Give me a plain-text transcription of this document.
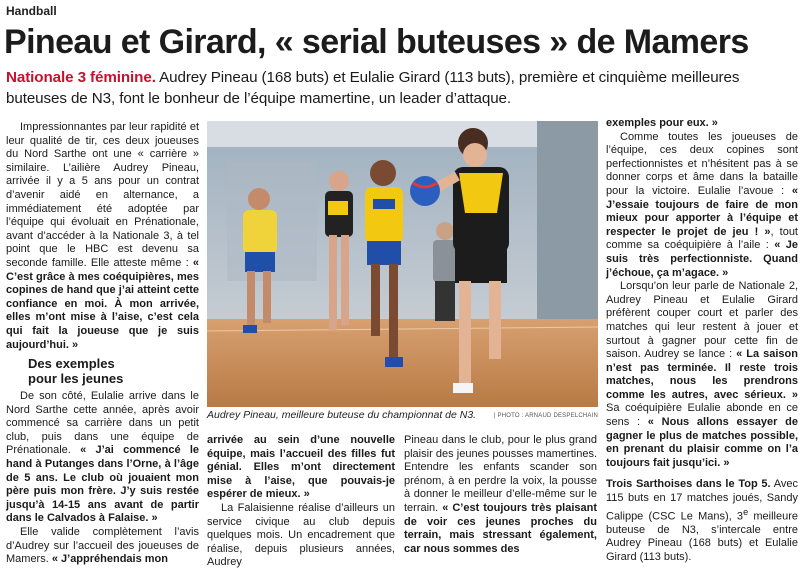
Handball
Pineau et Girard, « serial buteuses » de Mamers
Nationale 3 féminine. Audrey Pineau (168 buts) et Eulalie Girard (113 buts), première et cinquième meilleures buteuses de N3, font le bonheur de l’équipe mamertine, un leader d’attaque.

Impressionnantes par leur rapidité et leur qualité de tir, ces deux joueuses du Nord Sarthe ont une « carrière » similaire. L’ailière Audrey Pineau, arrivée il y a 5 ans pour un contrat d’avenir aidé en alternance, a immédiatement été adoptée par l’équipe qui évoluait en Prénationale, avant d’accéder à la Nationale 3, à tel point que le HBC est devenu sa seconde famille. Elle atteste même : « C’est grâce à mes coéquipières, mes copines de hand que j’ai atteint cette confiance en moi. À mon arrivée, elles m’ont mise à l’aise, c’est cela qui fait la joueuse que je suis aujourd’hui. »

Des exemples
pour les jeunes

De son côté, Eulalie arrive dans le Nord Sarthe cette année, après avoir commencé sa carrière dans un petit club, puis dans une équipe de Prénationale. « J’ai commencé le hand à Putanges dans l’Orne, à l’âge de 5 ans. Le club où jouaient mon père puis mon frère. J’y suis restée jusqu’à 14-15 ans avant de partir dans le Calvados à Falaise. »

Elle valide complètement l’avis d’Audrey sur l’accueil des joueuses de Mamers. « J’appréhendais mon

Audrey Pineau, meilleure buteuse du championnat de N3.	| PHOTO : ARNAUD DESPELCHAIN

arrivée au sein d’une nouvelle équipe, mais l’accueil des filles fut génial. Elles m’ont directement mise à l’aise, que pouvais-je espérer de mieux. »

La Falaisienne réalise d’ailleurs un service civique au club depuis quelques mois. Un encadrement que réalise, depuis plusieurs années, Audrey

Pineau dans le club, pour le plus grand plaisir des jeunes pousses mamertines. Entendre les enfants scander son prénom, à en perdre la voix, la pousse à donner le meilleur d’elle-même sur le terrain. « C’est toujours très plaisant de voir ces jeunes proches du terrain, mais stressant également, car nous sommes des

exemples pour eux. »

Comme toutes les joueuses de l’équipe, ces deux copines sont perfectionnistes et n’hésitent pas à se donner corps et âme dans la bataille pour la victoire. Eulalie l’avoue : « J’essaie toujours de faire de mon mieux pour apporter à l’équipe et respecter le projet de jeu ! », tout comme sa coéquipière à l’aile : « Je suis très perfectionniste. Quand j’échoue, ça m’agace. »

Lorsqu’on leur parle de Nationale 2, Audrey Pineau et Eulalie Girard préfèrent couper court et parler des matches qui leur restent à jouer et surtout à gagner pour cette fin de saison. Audrey se lance : « La saison n’est pas terminée. Il reste trois matches, nous les prendrons comme les autres, avec sérieux. » Sa coéquipière Eulalie abonde en ce sens : « Nous allons essayer de gagner le plus de matches possible, en prenant du plaisir comme on l’a toujours fait jusqu’ici. »

Trois Sarthoises dans le Top 5. Avec 115 buts en 17 matches joués, Sandy Calippe (CSC Le Mans), 3e meilleure buteuse de N3, s’intercale entre Audrey Pineau (168 buts) et Eulalie Girard (113 buts).
